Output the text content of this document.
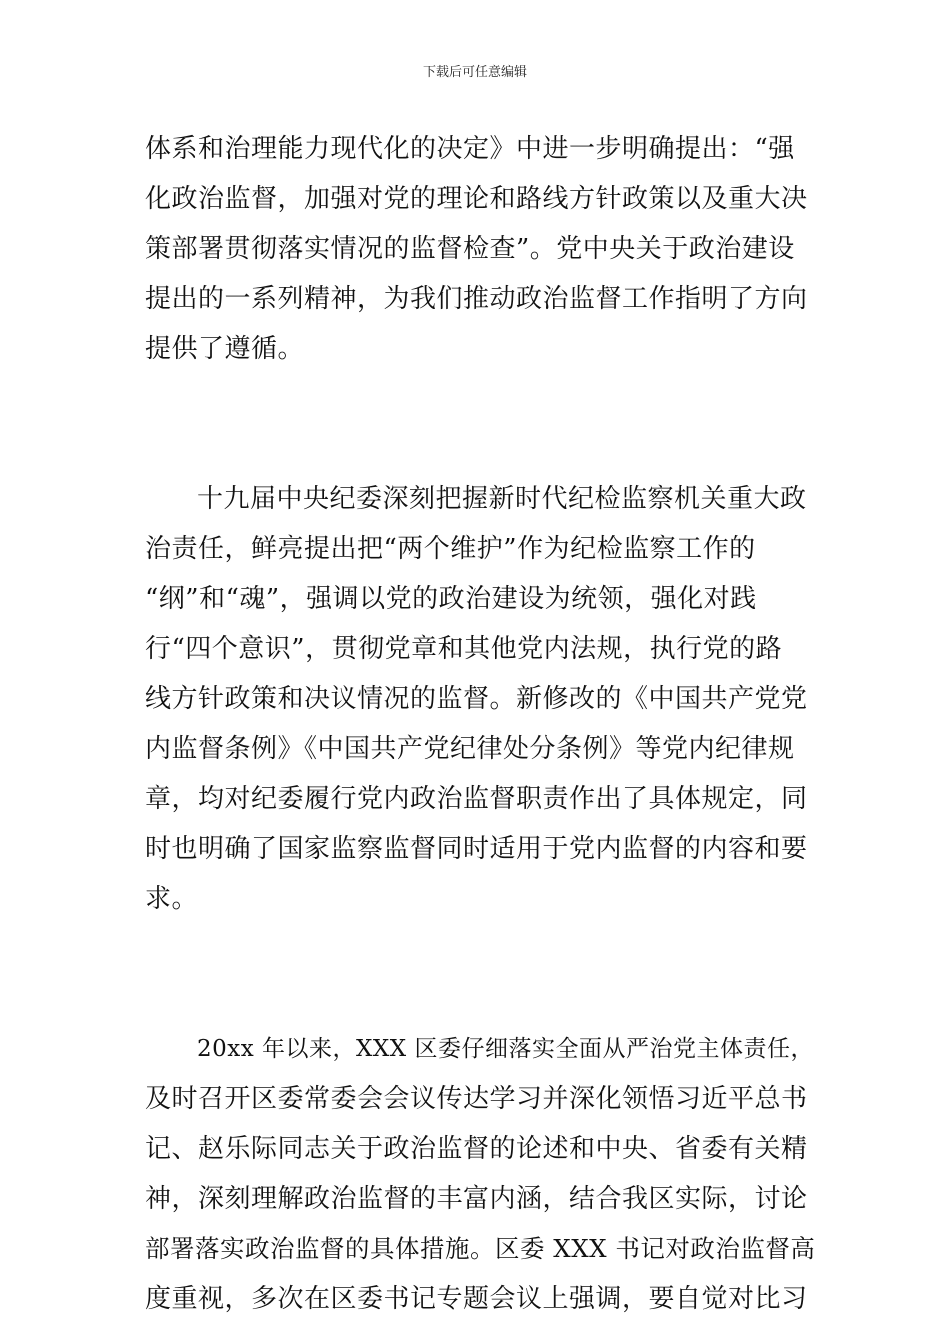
下载后可任意编辑
体系和治理能力现代化的决定》中进一步明确提出：“强
化政治监督，加强对党的理论和路线方针政策以及重大决
策部署贯彻落实情况的监督检查”。党中央关于政治建设
提出的一系列精神，为我们推动政治监督工作指明了方向
提供了遵循。
十九届中央纪委深刻把握新时代纪检监察机关重大政
治责任，鲜亮提出把“两个维护”作为纪检监察工作的
“纲”和“魂”，强调以党的政治建设为统领，强化对践
行“四个意识”，贯彻党章和其他党内法规，执行党的路
线方针政策和决议情况的监督。新修改的《中国共产党党
内监督条例》《中国共产党纪律处分条例》等党内纪律规
章，均对纪委履行党内政治监督职责作出了具体规定，同
时也明确了国家监察监督同时适用于党内监督的内容和要
求。
20xx 年以来，XXX 区委仔细落实全面从严治党主体责任，
及时召开区委常委会会议传达学习并深化领悟习近平总书
记、赵乐际同志关于政治监督的论述和中央、省委有关精
神，深刻理解政治监督的丰富内涵，结合我区实际，讨论
部署落实政治监督的具体措施。区委 XXX 书记对政治监督高
度重视，多次在区委书记专题会议上强调，要自觉对比习
